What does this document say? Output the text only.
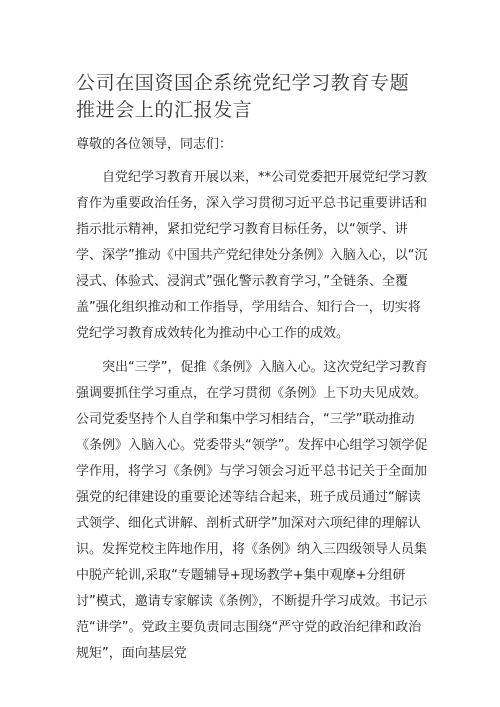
公司在国资国企系统党纪学习教育专题推进会上的汇报发言

尊敬的各位领导，同志们：

自党纪学习教育开展以来，**公司党委把开展党纪学习教育作为重要政治任务，深入学习贯彻习近平总书记重要讲话和指示批示精神，紧扣党纪学习教育目标任务，以“领学、讲学、深学”推动《中国共产党纪律处分条例》入脑入心，以“沉浸式、体验式、浸润式”强化警示教育学习，”全链条、全覆盖”强化组织推动和工作指导，学用结合、知行合一，切实将党纪学习教育成效转化为推动中心工作的成效。

突出“三学”，促推《条例》入脑入心。这次党纪学习教育强调要抓住学习重点，在学习贯彻《条例》上下功夫见成效。公司党委坚持个人自学和集中学习相结合，“三学”联动推动《条例》入脑入心。党委带头“领学”。发挥中心组学习领学促学作用，将学习《条例》与学习领会习近平总书记关于全面加强党的纪律建设的重要论述等结合起来，班子成员通过“解读式领学、细化式讲解、剖析式研学”加深对六项纪律的理解认识。发挥党校主阵地作用，将《条例》纳入三四级领导人员集中脱产轮训,采取“专题辅导+现场教学+集中观摩+分组研讨”模式，邀请专家解读《条例》，不断提升学习成效。书记示范“讲学”。党政主要负责同志围绕“严守党的政治纪律和政治规矩”，面向基层党
